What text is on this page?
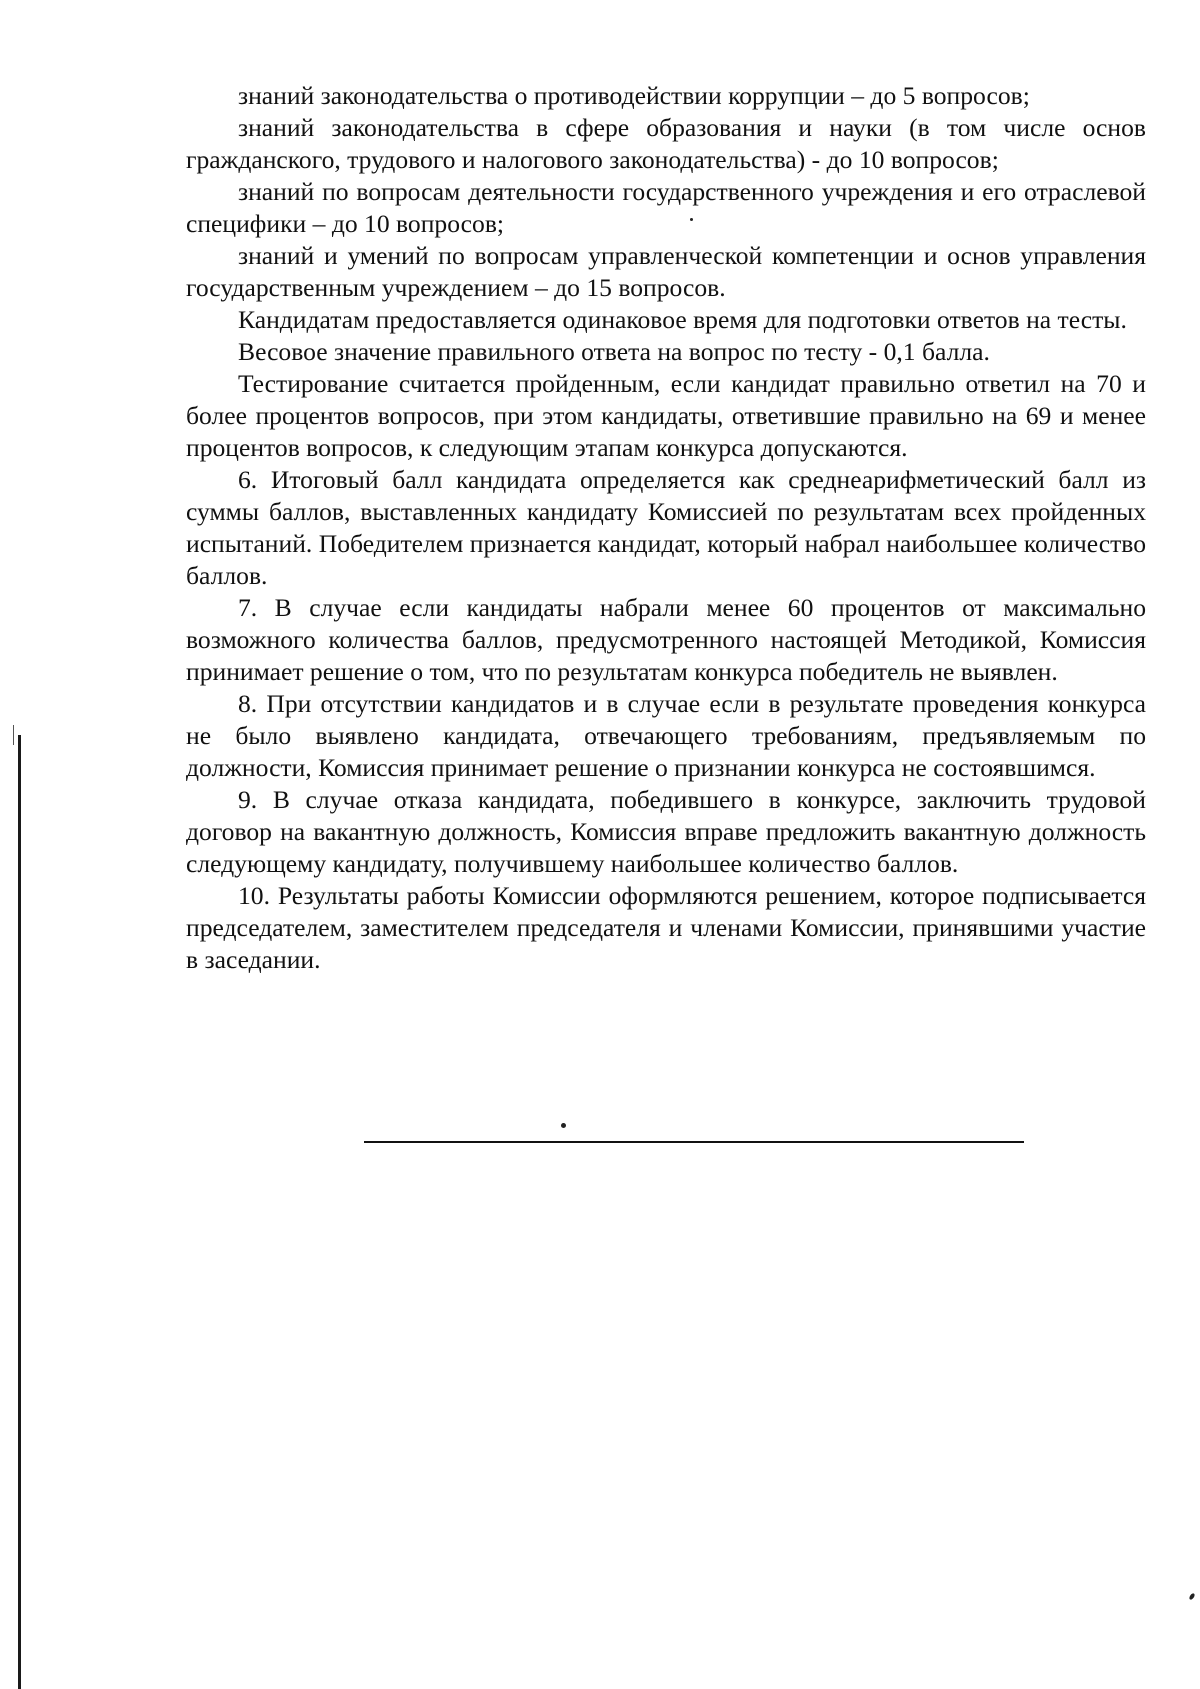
знаний законодательства о противодействии коррупции – до 5 вопросов;

знаний законодательства в сфере образования и науки (в том числе основ гражданского, трудового и налогового законодательства) - до 10 вопросов;

знаний по вопросам деятельности государственного учреждения и его отраслевой специфики – до 10 вопросов;

знаний и умений по вопросам управленческой компетенции и основ управления государственным учреждением – до 15 вопросов.

Кандидатам предоставляется одинаковое время для подготовки ответов на тесты.

Весовое значение правильного ответа на вопрос по тесту - 0,1 балла.

Тестирование считается пройденным, если кандидат правильно ответил на 70 и более процентов вопросов, при этом кандидаты, ответившие правильно на 69 и менее процентов вопросов, к следующим этапам конкурса допускаются.

6. Итоговый балл кандидата определяется как среднеарифметический балл из суммы баллов, выставленных кандидату Комиссией по результатам всех пройденных испытаний. Победителем признается кандидат, который набрал наибольшее количество баллов.

7. В случае если кандидаты набрали менее 60 процентов от максимально возможного количества баллов, предусмотренного настоящей Методикой, Комиссия принимает решение о том, что по результатам конкурса победитель не выявлен.

8. При отсутствии кандидатов и в случае если в результате проведения конкурса не было выявлено кандидата, отвечающего требованиям, предъявляемым по должности, Комиссия принимает решение о признании конкурса не состоявшимся.

9. В случае отказа кандидата, победившего в конкурсе, заключить трудовой договор на вакантную должность, Комиссия вправе предложить вакантную должность следующему кандидату, получившему наибольшее количество баллов.

10. Результаты работы Комиссии оформляются решением, которое подписывается председателем, заместителем председателя и членами Комиссии, принявшими участие в заседании.
